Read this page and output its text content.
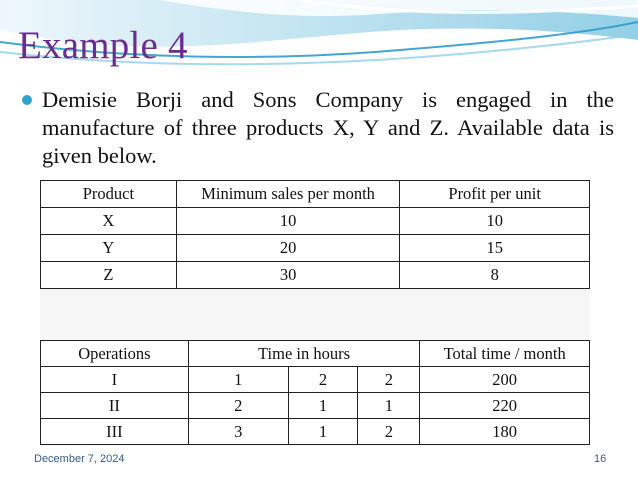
Example 4
Demisie Borji and Sons Company is engaged in the manufacture of three products X, Y and Z. Available data is given below.
Product	Minimum sales per month	Profit per unit
X	10	10
Y	20	15
Z	30	8
Operations	Time in hours			Total time / month
I	1	2	2	200
II	2	1	1	220
III	3	1	2	180
December 7, 2024	16
